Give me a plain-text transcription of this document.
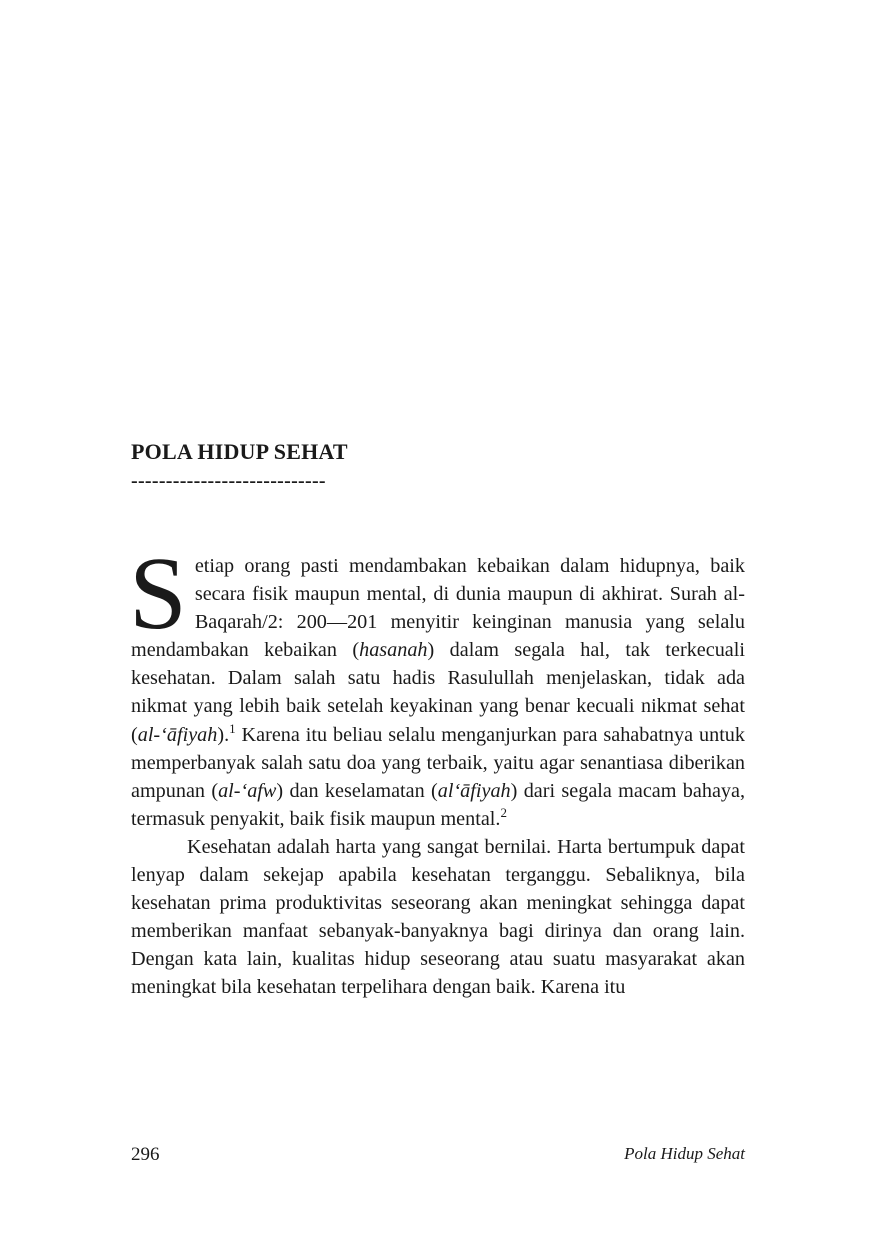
POLA HIDUP SEHAT
----------------------------

Setiap orang pasti mendambakan kebaikan dalam hidupnya, baik secara fisik maupun mental, di dunia maupun di akhirat. Surah al-Baqarah/2: 200—201 menyitir keinginan manusia yang selalu mendambakan kebaikan (hasanah) dalam segala hal, tak terkecuali kesehatan. Dalam salah satu hadis Rasulullah menjelaskan, tidak ada nikmat yang lebih baik setelah keyakinan yang benar kecuali nikmat sehat (al-‘āfiyah).$^1$ Karena itu beliau selalu menganjurkan para sahabatnya untuk memperbanyak salah satu doa yang terbaik, yaitu agar senantiasa diberikan ampunan (al-‘afw) dan keselamatan (al‘āfiyah) dari segala macam bahaya, termasuk penyakit, baik fisik maupun mental.$^2$

Kesehatan adalah harta yang sangat bernilai. Harta bertumpuk dapat lenyap dalam sekejap apabila kesehatan terganggu. Sebaliknya, bila kesehatan prima produktivitas seseorang akan meningkat sehingga dapat memberikan manfaat sebanyak-banyaknya bagi dirinya dan orang lain. Dengan kata lain, kualitas hidup seseorang atau suatu masyarakat akan meningkat bila kesehatan terpelihara dengan baik. Karena itu

296	Pola Hidup Sehat
